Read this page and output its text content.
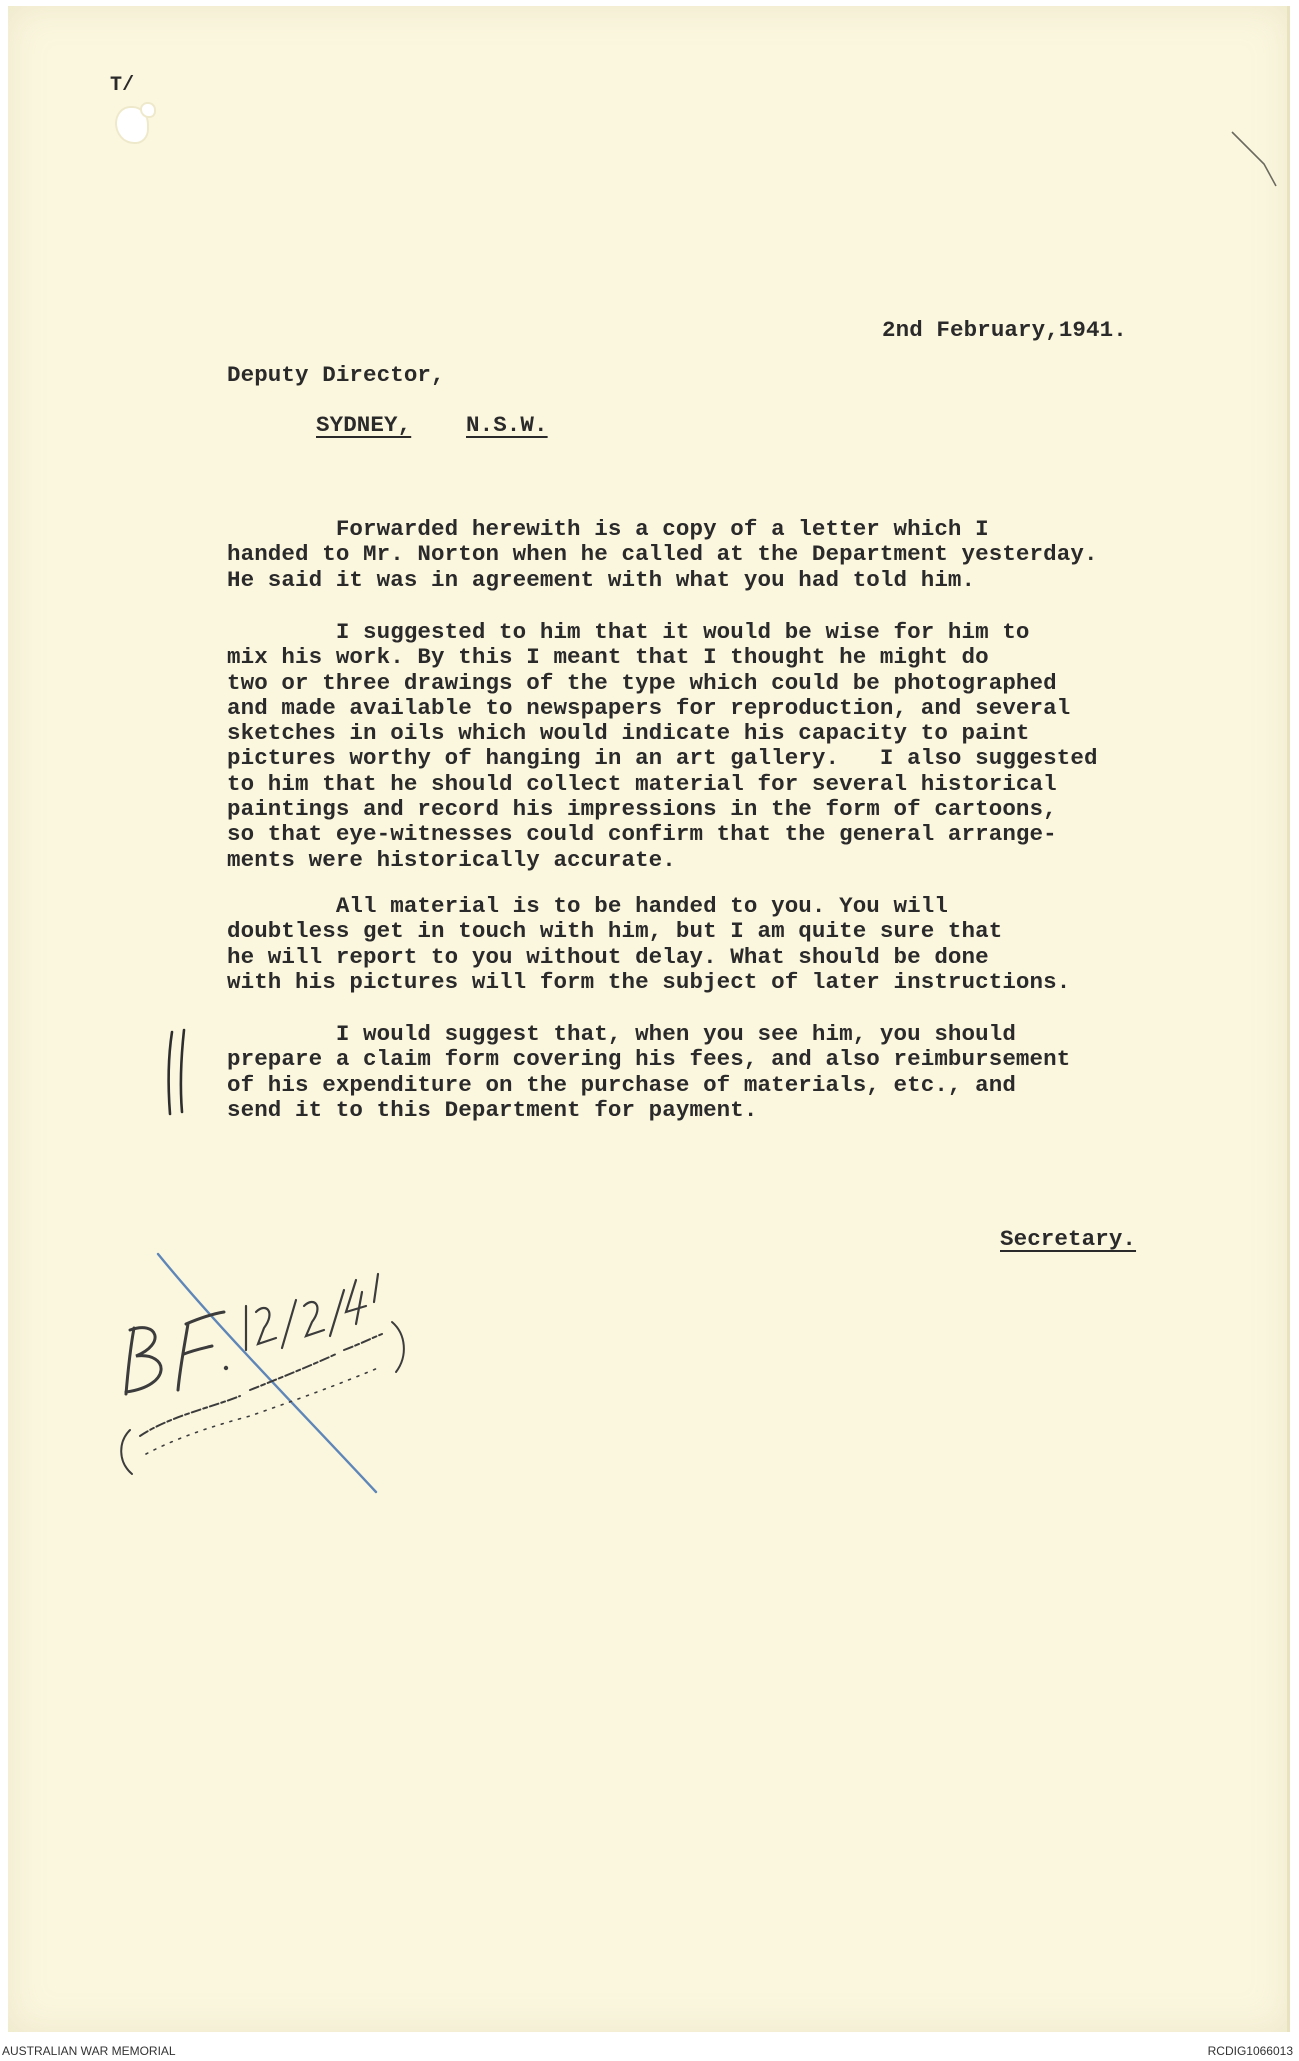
T/

2nd February,1941.

Deputy Director,

SYDNEY, N.S.W.

Forwarded herewith is a copy of a letter which I
handed to Mr. Norton when he called at the Department yesterday.
He said it was in agreement with what you had told him.

I suggested to him that it would be wise for him to
mix his work. By this I meant that I thought he might do
two or three drawings of the type which could be photographed
and made available to newspapers for reproduction, and several
sketches in oils which would indicate his capacity to paint
pictures worthy of hanging in an art gallery.   I also suggested
to him that he should collect material for several historical
paintings and record his impressions in the form of cartoons,
so that eye-witnesses could confirm that the general arrange-
ments were historically accurate.

All material is to be handed to you. You will
doubtless get in touch with him, but I am quite sure that
he will report to you without delay. What should be done
with his pictures will form the subject of later instructions.

I would suggest that, when you see him, you should
prepare a claim form covering his fees, and also reimbursement
of his expenditure on the purchase of materials, etc., and
send it to this Department for payment.

Secretary.

AUSTRALIAN WAR MEMORIAL	RCDIG1066013
